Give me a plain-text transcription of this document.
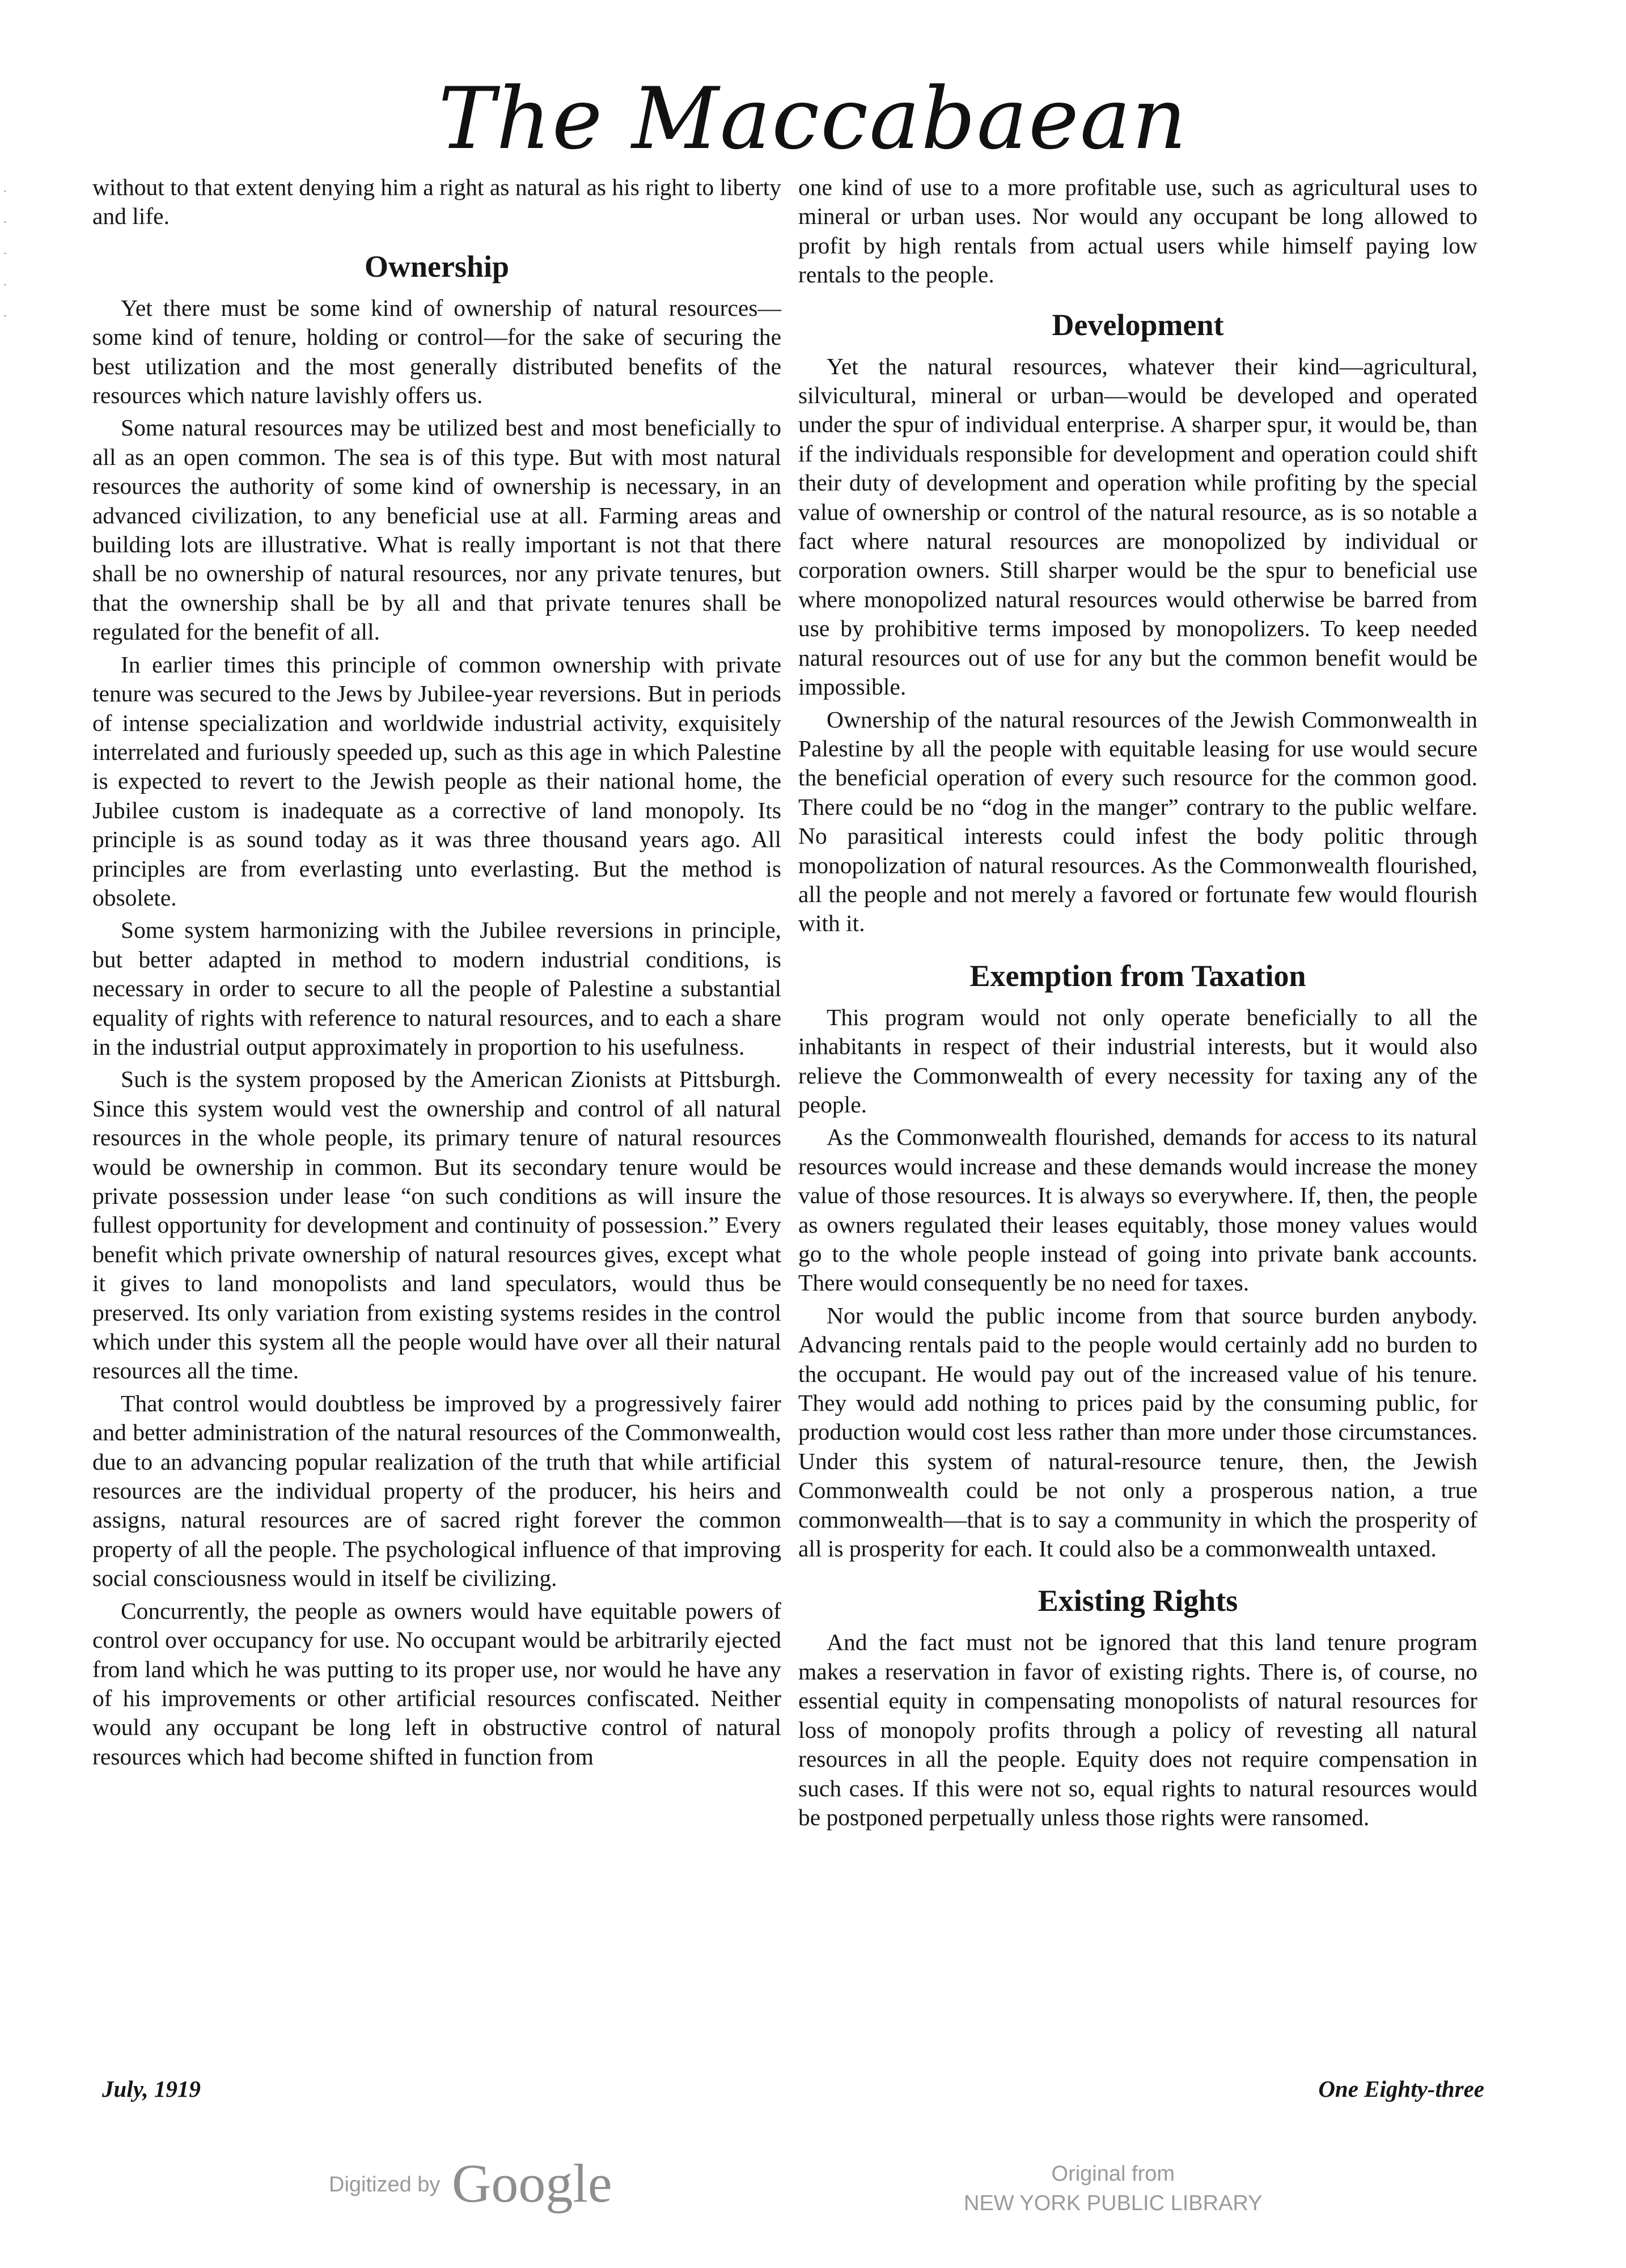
The Maccabaean
·
·
·
·
·

without to that extent denying him a right as natural as his right to liberty and life.

Ownership

Yet there must be some kind of ownership of natural resources—some kind of tenure, holding or control—for the sake of securing the best utilization and the most generally distributed benefits of the resources which nature lavishly offers us.

Some natural resources may be utilized best and most beneficially to all as an open common. The sea is of this type. But with most natural resources the authority of some kind of ownership is necessary, in an advanced civilization, to any beneficial use at all. Farming areas and building lots are illustrative. What is really important is not that there shall be no ownership of natural resources, nor any private tenures, but that the ownership shall be by all and that private tenures shall be regulated for the benefit of all.

In earlier times this principle of common ownership with private tenure was secured to the Jews by Jubilee-year reversions. But in periods of intense specialization and worldwide industrial activity, exquisitely interrelated and furiously speeded up, such as this age in which Palestine is expected to revert to the Jewish people as their national home, the Jubilee custom is inadequate as a corrective of land monopoly. Its principle is as sound today as it was three thousand years ago. All principles are from everlasting unto everlasting. But the method is obsolete.

Some system harmonizing with the Jubilee reversions in principle, but better adapted in method to modern industrial conditions, is necessary in order to secure to all the people of Palestine a substantial equality of rights with reference to natural resources, and to each a share in the industrial output approximately in proportion to his usefulness.

Such is the system proposed by the American Zionists at Pittsburgh. Since this system would vest the ownership and control of all natural resources in the whole people, its primary tenure of natural resources would be ownership in common. But its secondary tenure would be private possession under lease “on such conditions as will insure the fullest opportunity for development and continuity of possession.” Every benefit which private ownership of natural resources gives, except what it gives to land monopolists and land speculators, would thus be preserved. Its only variation from existing systems resides in the control which under this system all the people would have over all their natural resources all the time.

That control would doubtless be improved by a progressively fairer and better administration of the natural resources of the Commonwealth, due to an advancing popular realization of the truth that while artificial resources are the individual property of the producer, his heirs and assigns, natural resources are of sacred right forever the common property of all the people. The psychological influence of that improving social consciousness would in itself be civilizing.

Concurrently, the people as owners would have equitable powers of control over occupancy for use. No occupant would be arbitrarily ejected from land which he was putting to its proper use, nor would he have any of his improvements or other artificial resources confiscated. Neither would any occupant be long left in obstructive control of natural resources which had become shifted in function from

one kind of use to a more profitable use, such as agricultural uses to mineral or urban uses. Nor would any occupant be long allowed to profit by high rentals from actual users while himself paying low rentals to the people.

Development

Yet the natural resources, whatever their kind—agricultural, silvicultural, mineral or urban—would be developed and operated under the spur of individual enterprise. A sharper spur, it would be, than if the individuals responsible for development and operation could shift their duty of development and operation while profiting by the special value of ownership or control of the natural resource, as is so notable a fact where natural resources are monopolized by individual or corporation owners. Still sharper would be the spur to beneficial use where monopolized natural resources would otherwise be barred from use by prohibitive terms imposed by monopolizers. To keep needed natural resources out of use for any but the common benefit would be impossible.

Ownership of the natural resources of the Jewish Commonwealth in Palestine by all the people with equitable leasing for use would secure the beneficial operation of every such resource for the common good. There could be no “dog in the manger” contrary to the public welfare. No parasitical interests could infest the body politic through monopolization of natural resources. As the Commonwealth flourished, all the people and not merely a favored or fortunate few would flourish with it.

Exemption from Taxation

This program would not only operate beneficially to all the inhabitants in respect of their industrial interests, but it would also relieve the Commonwealth of every necessity for taxing any of the people.

As the Commonwealth flourished, demands for access to its natural resources would increase and these demands would increase the money value of those resources. It is always so everywhere. If, then, the people as owners regulated their leases equitably, those money values would go to the whole people instead of going into private bank accounts. There would consequently be no need for taxes.

Nor would the public income from that source burden anybody. Advancing rentals paid to the people would certainly add no burden to the occupant. He would pay out of the increased value of his tenure. They would add nothing to prices paid by the consuming public, for production would cost less rather than more under those circumstances. Under this system of natural-resource tenure, then, the Jewish Commonwealth could be not only a prosperous nation, a true commonwealth—that is to say a community in which the prosperity of all is prosperity for each. It could also be a commonwealth untaxed.

Existing Rights

And the fact must not be ignored that this land tenure program makes a reservation in favor of existing rights. There is, of course, no essential equity in compensating monopolists of natural resources for loss of monopoly profits through a policy of revesting all natural resources in all the people. Equity does not require compensation in such cases. If this were not so, equal rights to natural resources would be postponed perpetually unless those rights were ransomed.

July, 1919	One Eighty-three
Digitized by Google	Original from
NEW YORK PUBLIC LIBRARY
